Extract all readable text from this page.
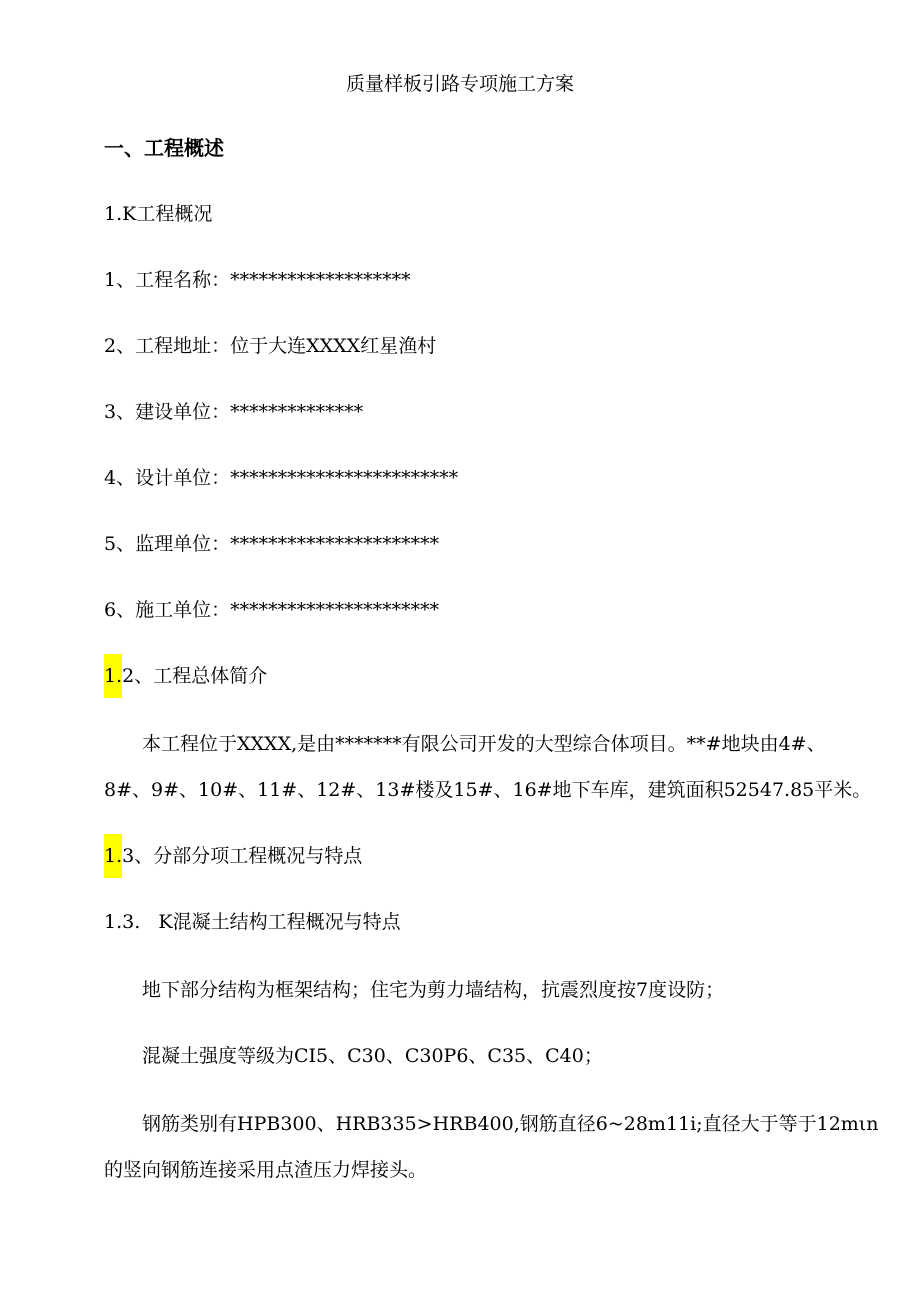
质量样板引路专项施工方案
一、工程概述
1.K工程概况
1、工程名称：*******************
2、工程地址：位于大连XXXX红星渔村
3、建设单位：**************
4、设计单位：************************
5、监理单位：**********************
6、施工单位：**********************
1.2、工程总体简介
本工程位于XXXX,是由*******有限公司开发的大型综合体项目。**#地块由4#、
8#、9#、10#、11#、12#、13#楼及15#、16#地下车库，建筑面积52547.85平米。
1.3、分部分项工程概况与特点
1.3.   K混凝土结构工程概况与特点
地下部分结构为框架结构；住宅为剪力墙结构，抗震烈度按7度设防；
混凝土强度等级为CI5、C30、C30P6、C35、C40；
钢筋类别有HPB300、HRB335>HRB400,钢筋直径6~28m11i;直径大于等于12mιn
的竖向钢筋连接采用点渣压力焊接头。
